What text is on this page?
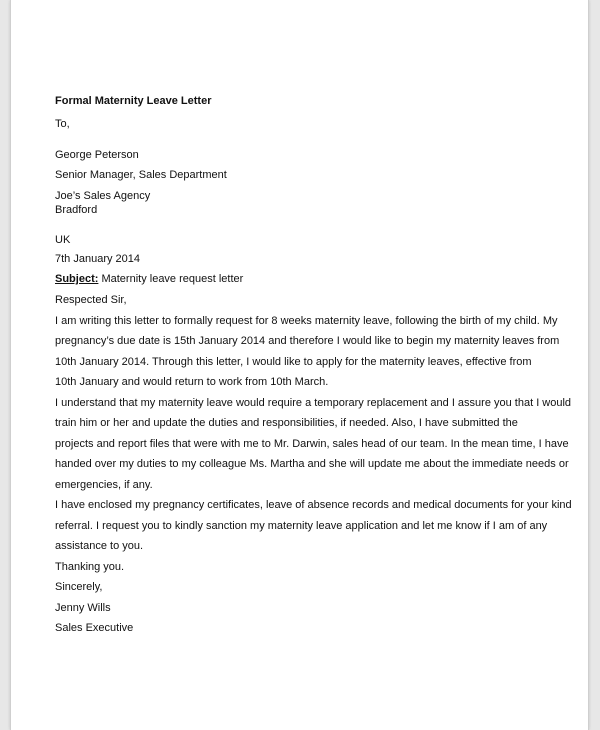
Formal Maternity Leave Letter
To,
George Peterson
Senior Manager, Sales Department
Joe’s Sales Agency
Bradford
UK
7th January 2014
Subject: Maternity leave request letter
Respected Sir,
I am writing this letter to formally request for 8 weeks maternity leave, following the birth of my child. My
pregnancy’s due date is 15th January 2014 and therefore I would like to begin my maternity leaves from
10th January 2014. Through this letter, I would like to apply for the maternity leaves, effective from
10th January and would return to work from 10th March.
I understand that my maternity leave would require a temporary replacement and I assure you that I would
train him or her and update the duties and responsibilities, if needed. Also, I have submitted the
projects and report files that were with me to Mr. Darwin, sales head of our team. In the mean time, I have
handed over my duties to my colleague Ms. Martha and she will update me about the immediate needs or
emergencies, if any.
I have enclosed my pregnancy certificates, leave of absence records and medical documents for your kind
referral. I request you to kindly sanction my maternity leave application and let me know if I am of any
assistance to you.
Thanking you.
Sincerely,
Jenny Wills
Sales Executive
